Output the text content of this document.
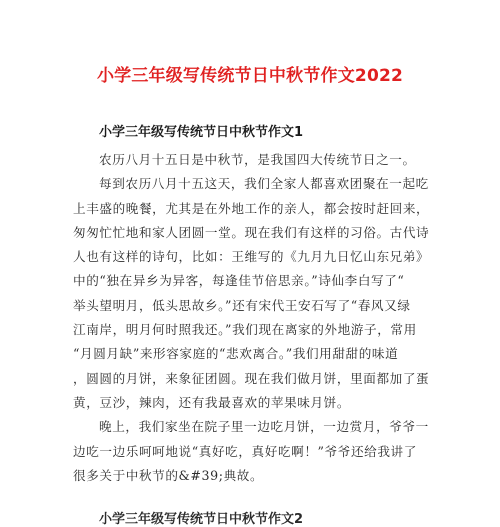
小学三年级写传统节日中秋节作文2022
小学三年级写传统节日中秋节作文1
农历八月十五日是中秋节，是我国四大传统节日之一。
每到农历八月十五这天，我们全家人都喜欢团聚在一起吃
上丰盛的晚餐，尤其是在外地工作的亲人，都会按时赶回来，
匆匆忙忙地和家人团圆一堂。现在我们有这样的习俗。古代诗
人也有这样的诗句，比如：王维写的《九月九日忆山东兄弟》
中的“独在异乡为异客，每逢佳节倍思亲。”诗仙李白写了“
举头望明月，低头思故乡。”还有宋代王安石写了“春风又绿
江南岸，明月何时照我还。”我们现在离家的外地游子，常用
“月圆月缺”来形容家庭的“悲欢离合。”我们用甜甜的味道
，圆圆的月饼，来象征团圆。现在我们做月饼，里面都加了蛋
黄，豆沙，辣肉，还有我最喜欢的苹果味月饼。
晚上，我们家坐在院子里一边吃月饼，一边赏月，爷爷一
边吃一边乐呵呵地说“真好吃，真好吃啊！”爷爷还给我讲了
很多关于中秋节的&#39;典故。
小学三年级写传统节日中秋节作文2
